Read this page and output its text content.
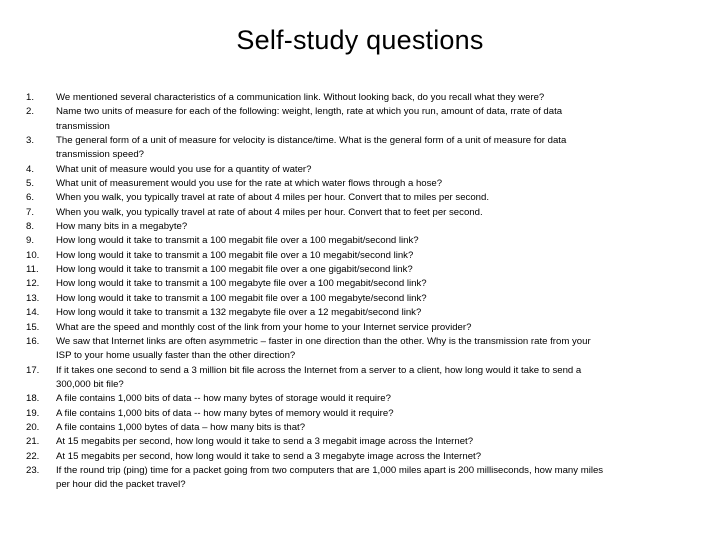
Self-study questions
1.	We mentioned several characteristics of a communication link. Without looking back, do you recall what they were?
2.	Name two units of measure for each of the following: weight, length, rate at which you run, amount of data, rrate of data
transmission
3.	The general form of a unit of measure for velocity is distance/time. What is the general form of a unit of measure for data
transmission speed?
4.	What unit of measure would you use for a quantity of water?
5.	What unit of measurement would you use for the rate at which water flows through a hose?
6.	When you walk, you typically travel at rate of about 4 miles per hour. Convert that to miles per second.
7.	When you walk, you typically travel at rate of about 4 miles per hour. Convert that to feet per second.
8.	How many bits in a megabyte?
9.	How long would it take to transmit a 100 megabit file over a 100 megabit/second link?
10.	How long would it take to transmit a 100 megabit file over a 10 megabit/second link?
11.	How long would it take to transmit a 100 megabit file over a one gigabit/second link?
12.	How long would it take to transmit a 100 megabyte file over a 100 megabit/second link?
13.	How long would it take to transmit a 100 megabit file over a 100 megabyte/second link?
14.	How long would it take to transmit a 132 megabyte file over a 12 megabit/second link?
15.	What are the speed and monthly cost of the link from your home to your Internet service provider?
16.	We saw that Internet links are often asymmetric – faster in one direction than the other. Why is the transmission rate from your
ISP to your home usually faster than the other direction?
17.	If it takes one second to send a 3 million bit file across the Internet from a server to a client, how long would it take to send a
300,000 bit file?
18.	A file contains 1,000 bits of data -- how many bytes of storage would it require?
19.	A file contains 1,000 bits of data -- how many bytes of memory would it require?
20.	A file contains 1,000 bytes of data – how many bits is that?
21.	At 15 megabits per second, how long would it take to send a 3 megabit image across the Internet?
22.	At 15 megabits per second, how long would it take to send a 3 megabyte image across the Internet?
23.	If the round trip (ping) time for a packet going from two computers that are 1,000 miles apart is 200 milliseconds, how many miles
per hour did the packet travel?
